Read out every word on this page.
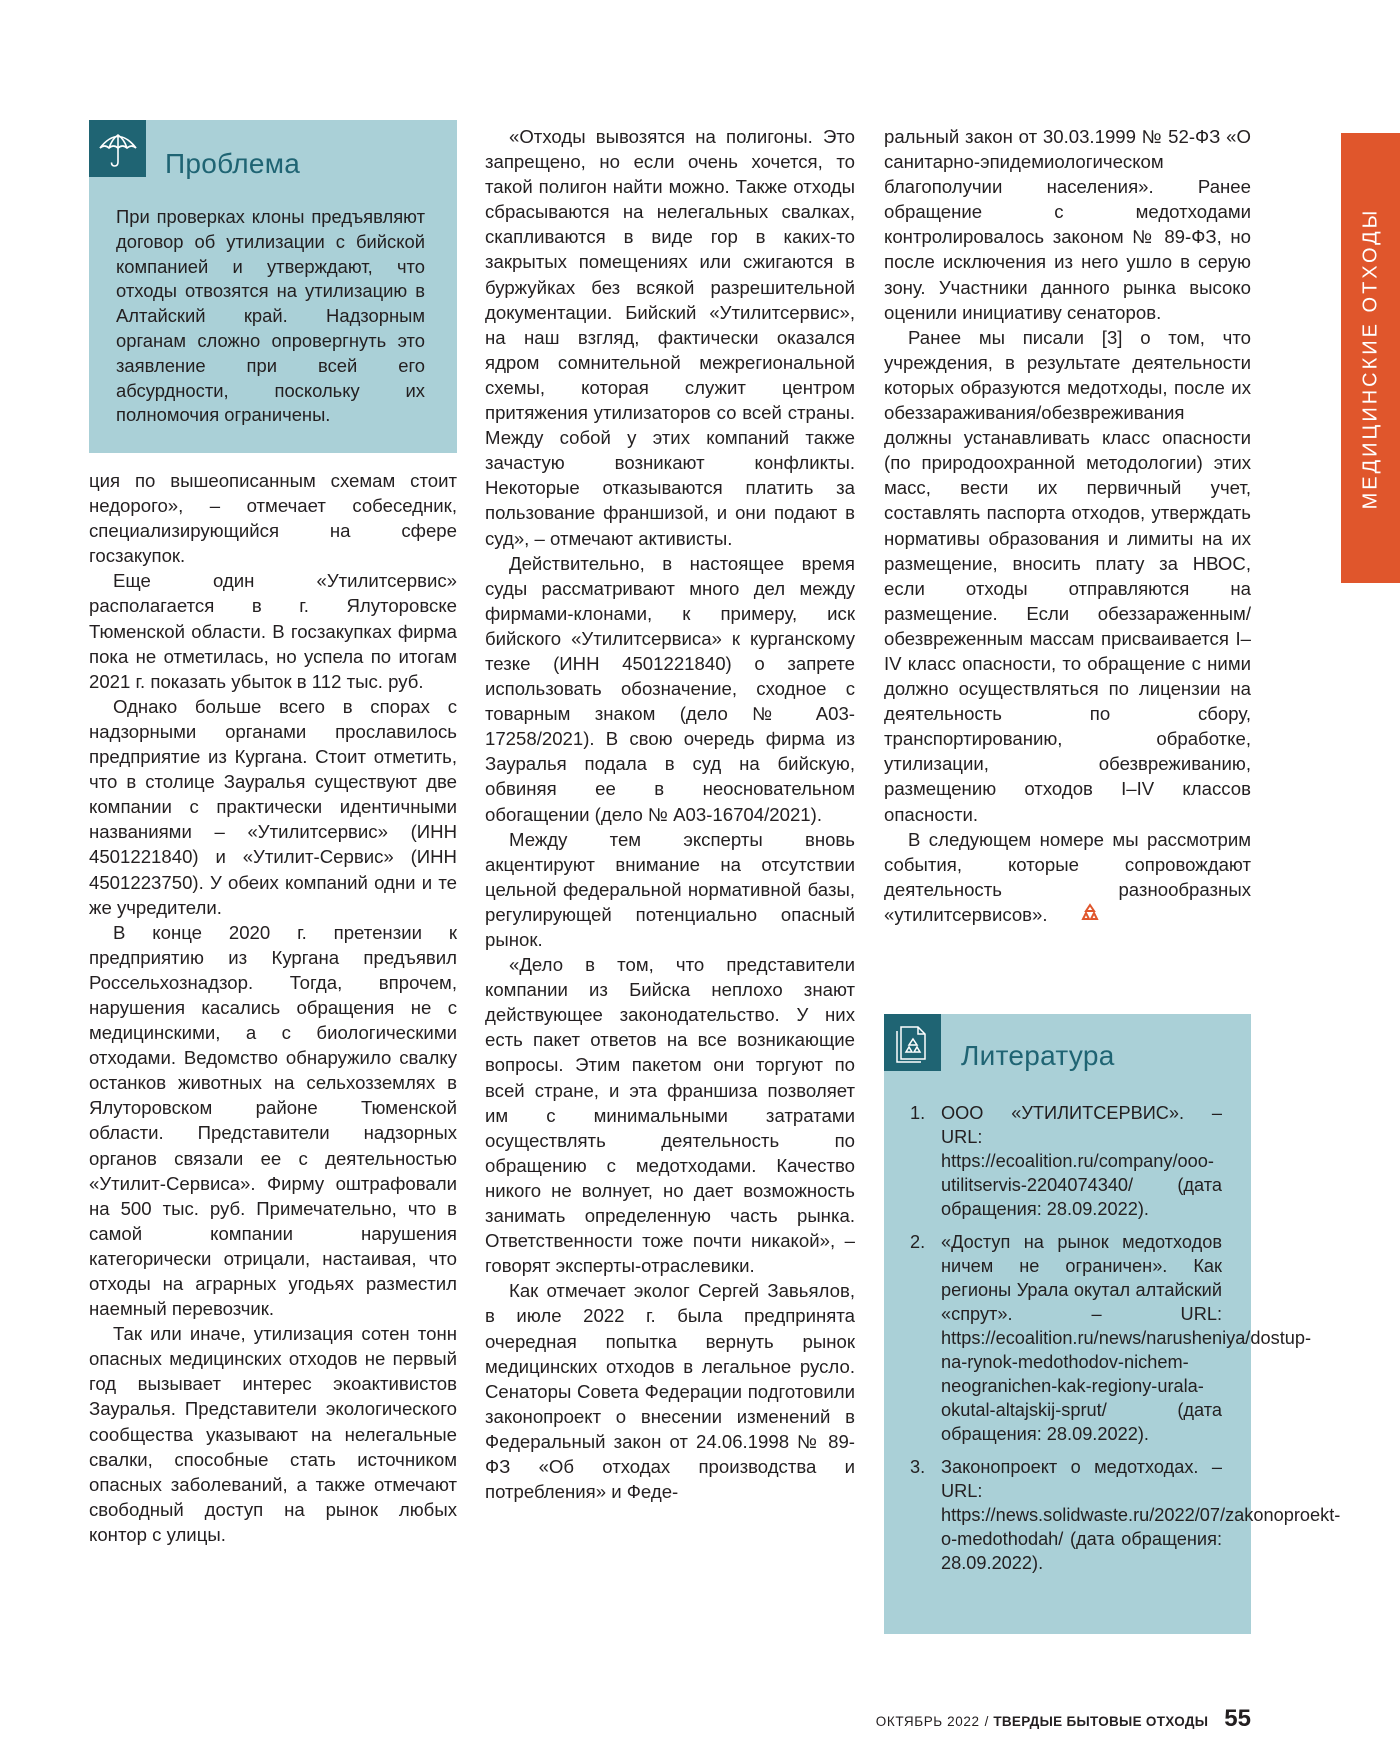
МЕДИЦИНСКИЕ ОТХОДЫ
Проблема
При проверках клоны предъявляют договор об утилизации с бийской компанией и утверждают, что отходы отвозятся на утилизацию в Алтайский край. Надзорным органам сложно опровергнуть это заявление при всей его абсурдности, поскольку их полномочия ограничены.

ция по вышеописанным схемам стоит недорого», – отмечает собеседник, специализирующийся на сфере госзакупок.

Еще один «Утилитсервис» располагается в г. Ялуторовске Тюменской области. В госзакупках фирма пока не отметилась, но успела по итогам 2021 г. показать убыток в 112 тыс. руб.

Однако больше всего в спорах с надзорными органами прославилось предприятие из Кургана. Стоит отметить, что в столице Зауралья существуют две компании с практически идентичными названиями – «Утилитсервис» (ИНН 4501221840) и «Утилит-Сервис» (ИНН 4501223750). У обеих компаний одни и те же учредители.

В конце 2020 г. претензии к предприятию из Кургана предъявил Россельхознадзор. Тогда, впрочем, нарушения касались обращения не с медицинскими, а с биологическими отходами. Ведомство обнаружило свалку останков животных на сельхозземлях в Ялуторовском районе Тюменской области. Представители надзорных органов связали ее с деятельностью «Утилит-Сервиса». Фирму оштрафовали на 500 тыс. руб. Примечательно, что в самой компании нарушения категорически отрицали, настаивая, что отходы на аграрных угодьях разместил наемный перевозчик.

Так или иначе, утилизация сотен тонн опасных медицинских отходов не первый год вызывает интерес экоактивистов Зауралья. Представители экологического сообщества указывают на нелегальные свалки, способные стать источником опасных заболеваний, а также отмечают свободный доступ на рынок любых контор с улицы.

«Отходы вывозятся на полигоны. Это запрещено, но если очень хочется, то такой полигон найти можно. Также отходы сбрасываются на нелегальных свалках, скапливаются в виде гор в каких-то закрытых помещениях или сжигаются в буржуйках без всякой разрешительной документации. Бийский «Утилитсервис», на наш взгляд, фактически оказался ядром сомнительной межрегиональной схемы, которая служит центром притяжения утилизаторов со всей страны. Между собой у этих компаний также зачастую возникают конфликты. Некоторые отказываются платить за пользование франшизой, и они подают в суд», – отмечают активисты.

Действительно, в настоящее время суды рассматривают много дел между фирмами-клонами, к примеру, иск бийского «Утилитсервиса» к курганскому тезке (ИНН 4501221840) о запрете использовать обозначение, сходное с товарным знаком (дело № А03-17258/2021). В свою очередь фирма из Зауралья подала в суд на бийскую, обвиняя ее в неосновательном обогащении (дело № А03-16704/2021).

Между тем эксперты вновь акцентируют внимание на отсутствии цельной федеральной нормативной базы, регулирующей потенциально опасный рынок.

«Дело в том, что представители компании из Бийска неплохо знают действующее законодательство. У них есть пакет ответов на все возникающие вопросы. Этим пакетом они торгуют по всей стране, и эта франшиза позволяет им с минимальными затратами осуществлять деятельность по обращению с медотходами. Качество никого не волнует, но дает возможность занимать определенную часть рынка. Ответственности тоже почти никакой», – говорят эксперты-отраслевики.

Как отмечает эколог Сергей Завьялов, в июле 2022 г. была предпринята очередная попытка вернуть рынок медицинских отходов в легальное русло. Сенаторы Совета Федерации подготовили законопроект о внесении изменений в Федеральный закон от 24.06.1998 № 89-ФЗ «Об отходах производства и потребления» и Феде-

ральный закон от 30.03.1999 № 52-ФЗ «О санитарно-эпидемиологическом благополучии населения». Ранее обращение с медотходами контролировалось законом № 89-ФЗ, но после исключения из него ушло в серую зону. Участники данного рынка высоко оценили инициативу сенаторов.

Ранее мы писали [3] о том, что учреждения, в результате деятельности которых образуются медотходы, после их обеззараживания/обезвреживания должны устанавливать класс опасности (по природоохранной методологии) этих масс, вести их первичный учет, составлять паспорта отходов, утверждать нормативы образования и лимиты на их размещение, вносить плату за НВОС, если отходы отправляются на размещение. Если обеззараженным/обезвреженным массам присваивается I–IV класс опасности, то обращение с ними должно осуществляться по лицензии на деятельность по сбору, транспортированию, обработке, утилизации, обезвреживанию, размещению отходов I–IV классов опасности.

В следующем номере мы рассмотрим события, которые сопровождают деятельность разнообразных «утилитсервисов».

Литература
1. ООО «УТИЛИТСЕРВИС». – URL: https://ecoalition.ru/company/ooo-utilitservis-2204074340/ (дата обращения: 28.09.2022).
2. «Доступ на рынок медотходов ничем не ограничен». Как регионы Урала окутал алтайский «спрут». – URL: https://ecoalition.ru/news/narusheniya/dostup-na-rynok-medothodov-nichem-neogranichen-kak-regiony-urala-okutal-altajskij-sprut/ (дата обращения: 28.09.2022).
3. Законопроект о медотходах. – URL: https://news.solidwaste.ru/2022/07/zakonoproekt-o-medothodah/ (дата обращения: 28.09.2022).
ОКТЯБРЬ 2022 / ТВЕРДЫЕ БЫТОВЫЕ ОТХОДЫ 55
